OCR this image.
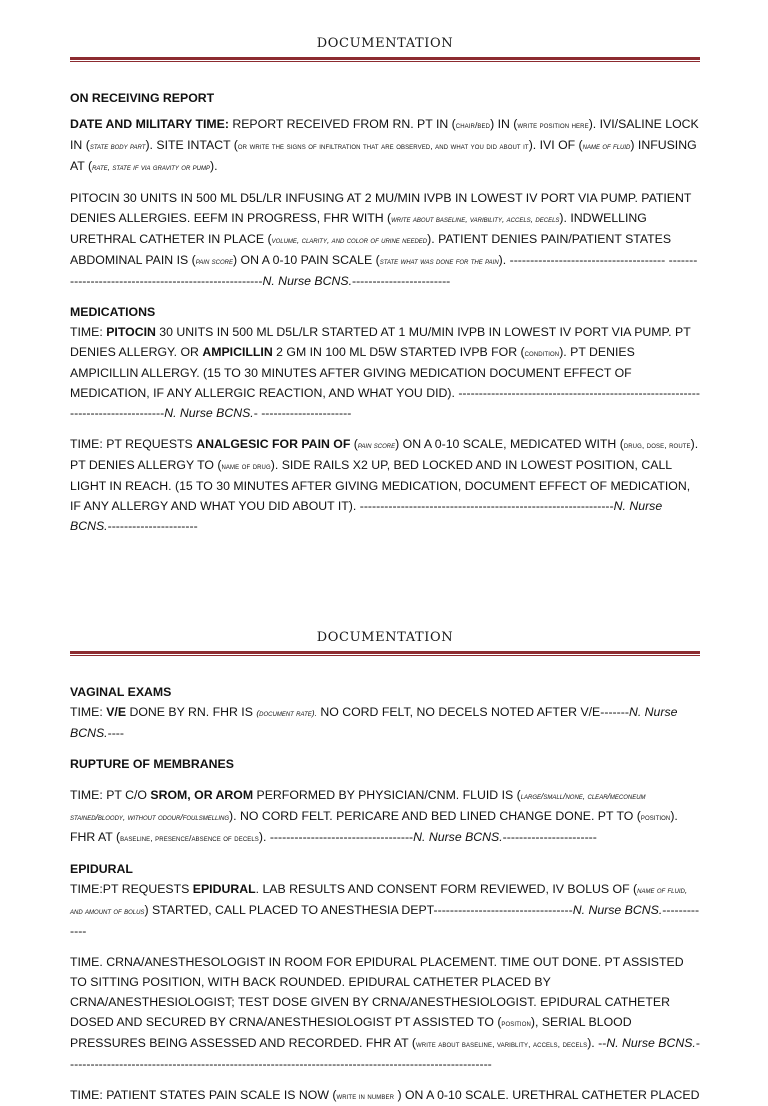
DOCUMENTATION

ON RECEIVING REPORT

DATE AND MILITARY TIME: REPORT RECEIVED FROM RN. PT IN (chair/bed) IN (write position here). IVI/SALINE LOCK IN (state body part). SITE INTACT (or write the signs of infiltration that are observed, and what you did about it). IVI OF (name of fluid) INFUSING AT (rate, state if via gravity or pump).

PITOCIN 30 UNITS IN 500 ML D5L/LR INFUSING AT 2 MU/MIN IVPB IN LOWEST IV PORT VIA PUMP. PATIENT DENIES ALLERGIES. EEFM IN PROGRESS, FHR WITH (write about baseline, varibility, accels, decels). INDWELLING URETHRAL CATHETER IN PLACE (volume, clarity, and color of urine needed). PATIENT DENIES PAIN/PATIENT STATES ABDOMINAL PAIN IS (pain score) ON A 0-10 PAIN SCALE (state what was done for the pain). -------------------------------------- ------------------------------------------------------N. Nurse BCNS.------------------------

MEDICATIONS

TIME: PITOCIN 30 UNITS IN 500 ML D5L/LR STARTED AT 1 MU/MIN IVPB IN LOWEST IV PORT VIA PUMP. PT DENIES ALLERGY. OR AMPICILLIN 2 GM IN 100 ML D5W STARTED IVPB FOR (condition). PT DENIES AMPICILLIN ALLERGY. (15 TO 30 MINUTES AFTER GIVING MEDICATION DOCUMENT EFFECT OF MEDICATION, IF ANY ALLERGIC REACTION, AND WHAT YOU DID). ----------------------------------------------------------------------------------N. Nurse BCNS.- ----------------------

TIME: PT REQUESTS ANALGESIC FOR PAIN OF (pain score) ON A 0-10 SCALE, MEDICATED WITH (drug, dose, route). PT DENIES ALLERGY TO (name of drug). SIDE RAILS X2 UP, BED LOCKED AND IN LOWEST POSITION, CALL LIGHT IN REACH. (15 TO 30 MINUTES AFTER GIVING MEDICATION, DOCUMENT EFFECT OF MEDICATION, IF ANY ALLERGY AND WHAT YOU DID ABOUT IT). --------------------------------------------------------------N. Nurse BCNS.----------------------

DOCUMENTATION

VAGINAL EXAMS

TIME: V/E DONE BY RN. FHR IS (document rate). NO CORD FELT, NO DECELS NOTED AFTER V/E-------N. Nurse BCNS.----

RUPTURE OF MEMBRANES

TIME: PT C/O SROM, OR AROM PERFORMED BY PHYSICIAN/CNM. FLUID IS (large/small/none, clear/meconeum stained/bloody, without odour/foulsmelling). NO CORD FELT. PERICARE AND BED LINED CHANGE DONE. PT TO (position). FHR AT (baseline, presence/absence of decels). -----------------------------------N. Nurse BCNS.-----------------------

EPIDURAL

TIME:PT REQUESTS EPIDURAL. LAB RESULTS AND CONSENT FORM REVIEWED, IV BOLUS OF (name of fluid, and amount of bolus) STARTED, CALL PLACED TO ANESTHESIA DEPT----------------------------------N. Nurse BCNS.-------------

TIME. CRNA/ANESTHESOLOGIST IN ROOM FOR EPIDURAL PLACEMENT. TIME OUT DONE. PT ASSISTED TO SITTING POSITION, WITH BACK ROUNDED. EPIDURAL CATHETER PLACED BY CRNA/ANESTHESIOLOGIST; TEST DOSE GIVEN BY CRNA/ANESTHESIOLOGIST. EPIDURAL CATHETER DOSED AND SECURED BY CRNA/ANESTHESIOLOGIST PT ASSISTED TO (position), SERIAL BLOOD PRESSURES BEING ASSESSED AND RECORDED. FHR AT (write about baseline, variblity, accels, decels). --N. Nurse BCNS.--------------------------------------------------------------------------------------------------------

TIME: PATIENT STATES PAIN SCALE IS NOW (write in number ) ON A 0-10 SCALE. URETHRAL CATHETER PLACED
